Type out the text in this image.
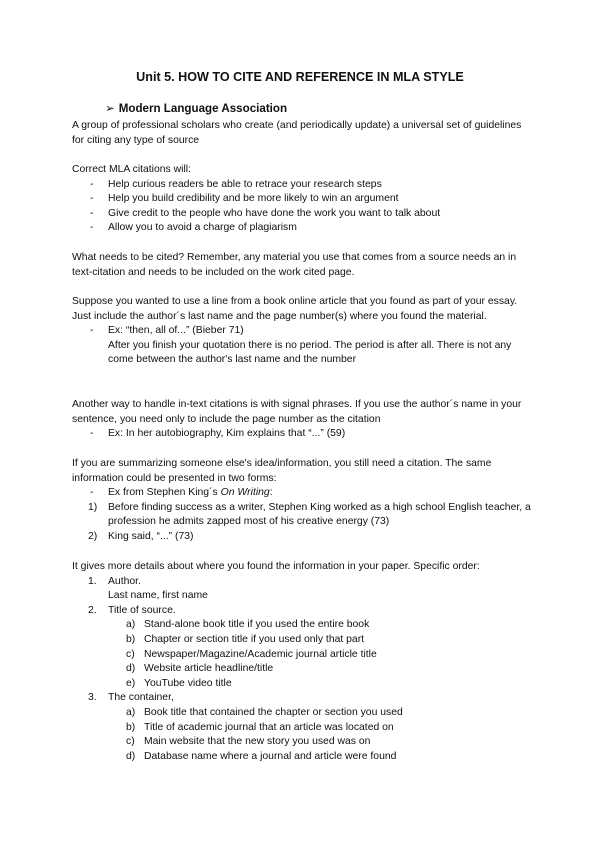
Unit 5. HOW TO CITE AND REFERENCE IN MLA STYLE
➢ Modern Language Association

A group of professional scholars who create (and periodically update) a universal set of guidelines for citing any type of source

Correct MLA citations will:

- Help curious readers be able to retrace your research steps
- Help you build credibility and be more likely to win an argument
- Give credit to the people who have done the work you want to talk about
- Allow you to avoid a charge of plagiarism

What needs to be cited? Remember, any material you use that comes from a source needs an in text-citation and needs to be included on the work cited page.

Suppose you wanted to use a line from a book online article that you found as part of your essay. Just include the author´s last name and the page number(s) where you found the material.

- Ex: “then, all of...” (Bieber 71)
After you finish your quotation there is no period. The period is after all. There is not any come between the author's last name and the number

Another way to handle in-text citations is with signal phrases. If you use the author´s name in your sentence, you need only to include the page number as the citation

- Ex: In her autobiography, Kim explains that “...” (59)

If you are summarizing someone else's idea/information, you still need a citation. The same information could be presented in two forms:

- Ex from Stephen King´s On Writing:
1) Before finding success as a writer, Stephen King worked as a high school English teacher, a profession he admits zapped most of his creative energy (73)
2) King said, “...” (73)

It gives more details about where you found the information in your paper. Specific order:

1. Author.
Last name, first name
2. Title of source.
a) Stand-alone book title if you used the entire book
b) Chapter or section title if you used only that part
c) Newspaper/Magazine/Academic journal article title
d) Website article headline/title
e) YouTube video title
3. The container,
a) Book title that contained the chapter or section you used
b) Title of academic journal that an article was located on
c) Main website that the new story you used was on
d) Database name where a journal and article were found
